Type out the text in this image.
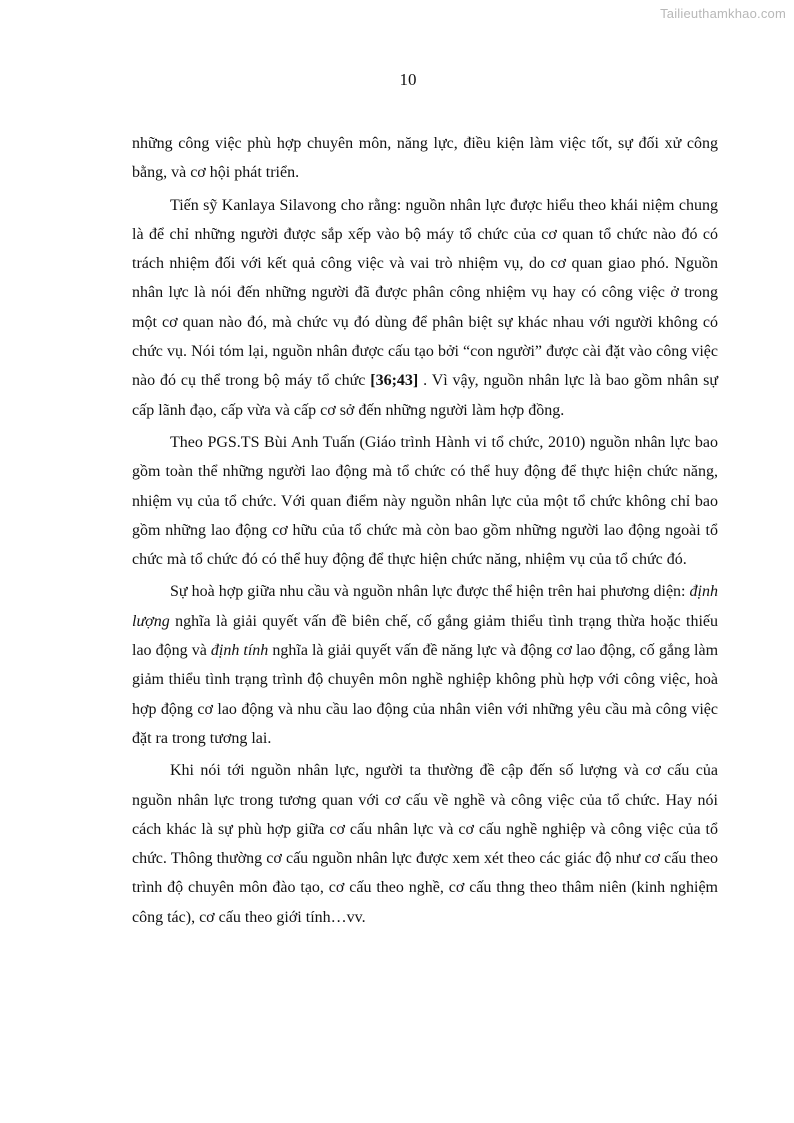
Tailieuthamkhao.com
10

những công việc phù hợp chuyên môn, năng lực, điều kiện làm việc tốt, sự đối xử công bằng, và cơ hội phát triển.

Tiến sỹ Kanlaya Silavong cho rằng: nguồn nhân lực được hiểu theo khái niệm chung là để chỉ những người được sắp xếp vào bộ máy tổ chức của cơ quan tổ chức nào đó có trách nhiệm đối với kết quả công việc và vai trò nhiệm vụ, do cơ quan giao phó. Nguồn nhân lực là nói đến những người đã được phân công nhiệm vụ hay có công việc ở trong một cơ quan nào đó, mà chức vụ đó dùng để phân biệt sự khác nhau với người không có chức vụ. Nói tóm lại, nguồn nhân được cấu tạo bởi “con người” được cài đặt vào công việc nào đó cụ thể trong bộ máy tổ chức [36;43] . Vì vậy, nguồn nhân lực là bao gồm nhân sự cấp lãnh đạo, cấp vừa và cấp cơ sở đến những người làm hợp đồng.

Theo PGS.TS Bùi Anh Tuấn (Giáo trình Hành vi tổ chức, 2010) nguồn nhân lực bao gồm toàn thể những người lao động mà tổ chức có thể huy động để thực hiện chức năng, nhiệm vụ của tổ chức. Với quan điểm này nguồn nhân lực của một tổ chức không chỉ bao gồm những lao động cơ hữu của tổ chức mà còn bao gồm những người lao động ngoài tổ chức mà tổ chức đó có thể huy động để thực hiện chức năng, nhiệm vụ của tổ chức đó.

Sự hoà hợp giữa nhu cầu và nguồn nhân lực được thể hiện trên hai phương diện: định lượng nghĩa là giải quyết vấn đề biên chế, cố gắng giảm thiểu tình trạng thừa hoặc thiếu lao động và định tính nghĩa là giải quyết vấn đề năng lực và động cơ lao động, cố gắng làm giảm thiểu tình trạng trình độ chuyên môn nghề nghiệp không phù hợp với công việc, hoà hợp động cơ lao động và nhu cầu lao động của nhân viên với những yêu cầu mà công việc đặt ra trong tương lai.

Khi nói tới nguồn nhân lực, người ta thường đề cập đến số lượng và cơ cấu của nguồn nhân lực trong tương quan với cơ cấu về nghề và công việc của tổ chức. Hay nói cách khác là sự phù hợp giữa cơ cấu nhân lực và cơ cấu nghề nghiệp và công việc của tổ chức. Thông thường cơ cấu nguồn nhân lực được xem xét theo các giác độ như cơ cấu theo trình độ chuyên môn đào tạo, cơ cấu theo nghề, cơ cấu thng theo thâm niên (kinh nghiệm công tác), cơ cấu theo giới tính…vv.
